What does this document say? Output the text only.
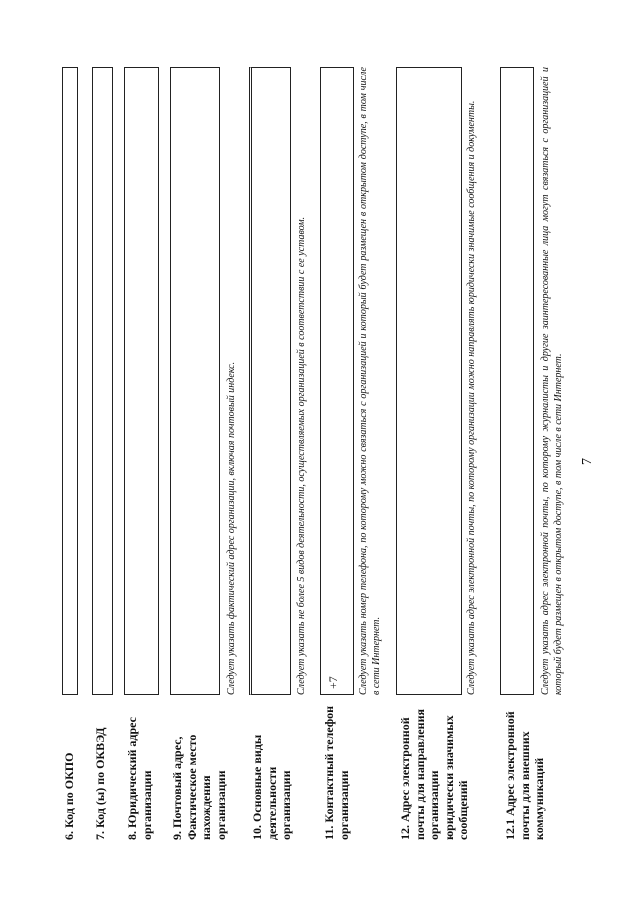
7
6. Код по ОКПО 7. Код (ы) по ОКВЭД 8. Юридический адрес организации 9. Почтовый адрес, Фактическое место нахождения организации
Следует указать фактический адрес организации, включая почтовый индекс.
10. Основные виды деятельности организации
Следует указать не более 5 видов деятельности, осуществляемых организацией в соответствии с ее уставом.
11. Контактный телефон организации
+7 Следует указать номер телефона, по которому можно связаться с организацией и который будет размещен в открытом доступе, в том числе в сети Интернет.
12. Адрес электронной почты для направления организации юридически значимых сообщений
Следует указать адрес электронной почты, по которому организации можно направлять юридически значимые сообщения и документы.
12.1 Адрес электронной почты для внешних коммуникаций
Следует указать адрес электронной почты, по которому журналисты и другие заинтересованные лица могут связаться с организацией и который будет размещен в открытом доступе, в том числе в сети Интернет.
